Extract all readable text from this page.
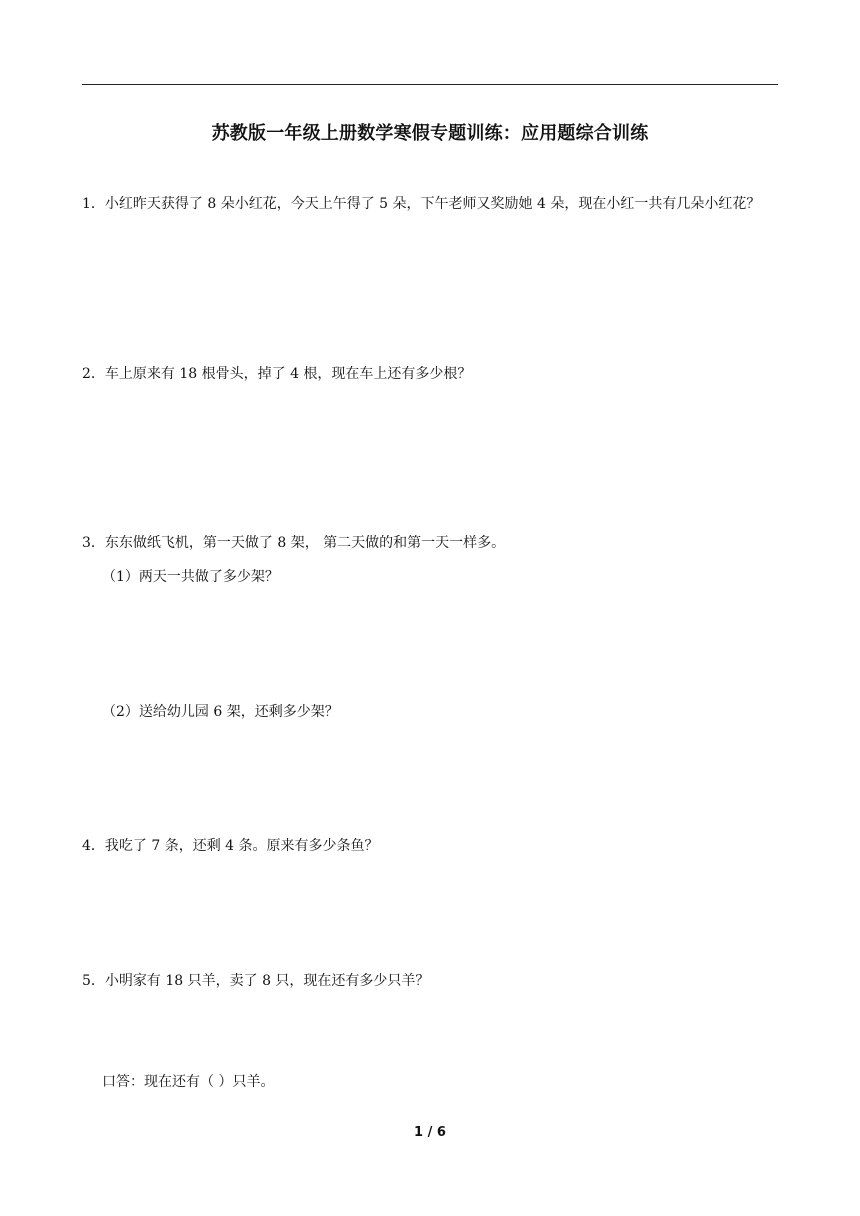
苏教版一年级上册数学寒假专题训练：应用题综合训练
1．小红昨天获得了 8 朵小红花，今天上午得了 5 朵，下午老师又奖励她 4 朵，现在小红一共有几朵小红花？
2．车上原来有 18 根骨头，掉了 4 根，现在车上还有多少根？
3．东东做纸飞机，第一天做了 8 架， 第二天做的和第一天一样多。
（1）两天一共做了多少架？
（2）送给幼儿园 6 架，还剩多少架？
4．我吃了 7 条，还剩 4 条。原来有多少条鱼？
5．小明家有 18 只羊，卖了 8 只，现在还有多少只羊？
口答：现在还有（ ）只羊。
1 / 6
